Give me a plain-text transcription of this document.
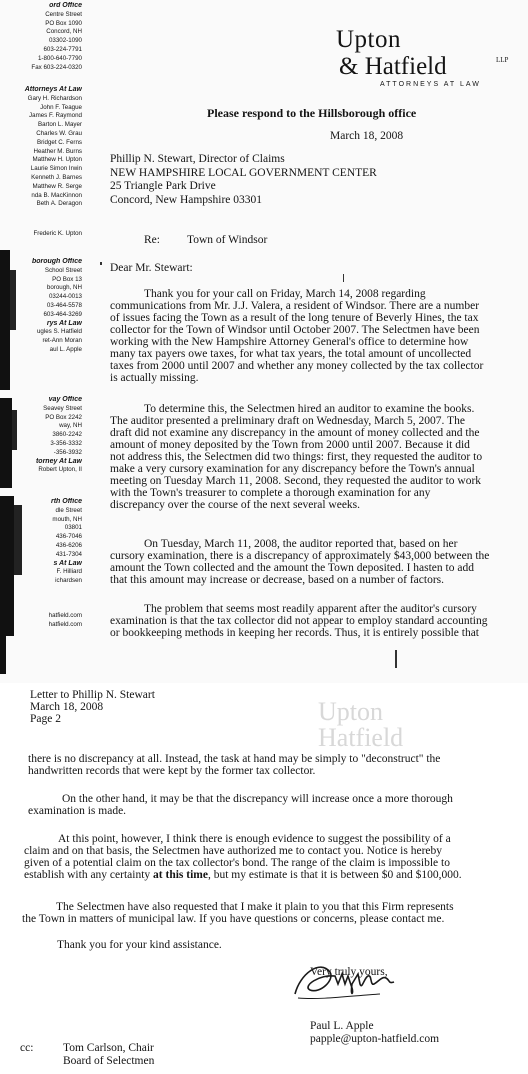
ord Office
Centre Street
PO Box 1090
Concord, NH
03302-1090
603-224-7791
1-800-640-7790
Fax 603-224-0320
Attorneys At Law
Gary H. Richardson
John F. Teague
James F. Raymond
Barton L. Mayer
Charles W. Grau
Bridget C. Ferns
Heather M. Burns
Matthew H. Upton
Laurie Simon Irwin
Kenneth J. Barnes
Matthew R. Serge
nda B. MacKinnon
Beth A. Deragon
Frederic K. Upton
borough Office
School Street
PO Box 13
borough, NH
03244-0013
03-464-5578
603-464-3269
rys At Law
ugles S. Hatfield
ret-Ann Moran
aul L. Apple
vay Office
Seavey Street
PO Box 2242
way, NH
3860-2242
3-356-3332
-356-3932
torney At Law
Robert Upton, II
rth Office
dle Street
mouth, NH
03801
436-7046
436-6206
431-7304
s At Law
F. Hilliard
ichardsen
hatfield.com
hatfield.com
Upton
& Hatfield	LLP
ATTORNEYS AT LAW
Please respond to the Hillsborough office
March 18, 2008
Phillip N. Stewart, Director of Claims
NEW HAMPSHIRE LOCAL GOVERNMENT CENTER
25 Triangle Park Drive
Concord, New Hampshire 03301
Re: Town of Windsor
Dear Mr. Stewart:
Thank you for your call on Friday, March 14, 2008 regarding
communications from Mr. J.J. Valera, a resident of Windsor. There are a number
of issues facing the Town as a result of the long tenure of Beverly Hines, the tax
collector for the Town of Windsor until October 2007. The Selectmen have been
working with the New Hampshire Attorney General's office to determine how
many tax payers owe taxes, for what tax years, the total amount of uncollected
taxes from 2000 until 2007 and whether any money collected by the tax collector
is actually missing.
To determine this, the Selectmen hired an auditor to examine the books.
The auditor presented a preliminary draft on Wednesday, March 5, 2007. The
draft did not examine any discrepancy in the amount of money collected and the
amount of money deposited by the Town from 2000 until 2007. Because it did
not address this, the Selectmen did two things: first, they requested the auditor to
make a very cursory examination for any discrepancy before the Town's annual
meeting on Tuesday March 11, 2008. Second, they requested the auditor to work
with the Town's treasurer to complete a thorough examination for any
discrepancy over the course of the next several weeks.
On Tuesday, March 11, 2008, the auditor reported that, based on her
cursory examination, there is a discrepancy of approximately $43,000 between the
amount the Town collected and the amount the Town deposited. I hasten to add
that this amount may increase or decrease, based on a number of factors.
The problem that seems most readily apparent after the auditor's cursory
examination is that the tax collector did not appear to employ standard accounting
or bookkeeping methods in keeping her records. Thus, it is entirely possible that
Upton
Hatfield
Letter to Phillip N. Stewart
March 18, 2008
Page 2
there is no discrepancy at all. Instead, the task at hand may be simply to "deconstruct" the
handwritten records that were kept by the former tax collector.
On the other hand, it may be that the discrepancy will increase once a more thorough
examination is made.
At this point, however, I think there is enough evidence to suggest the possibility of a
claim and on that basis, the Selectmen have authorized me to contact you. Notice is hereby
given of a potential claim on the tax collector's bond. The range of the claim is impossible to
establish with any certainty at this time, but my estimate is that it is between $0 and $100,000.
The Selectmen have also requested that I make it plain to you that this Firm represents
the Town in matters of municipal law. If you have questions or concerns, please contact me.
Thank you for your kind assistance.
Very truly yours,
Paul L. Apple
papple@upton-hatfield.com
cc:	Tom Carlson, Chair
Board of Selectmen
